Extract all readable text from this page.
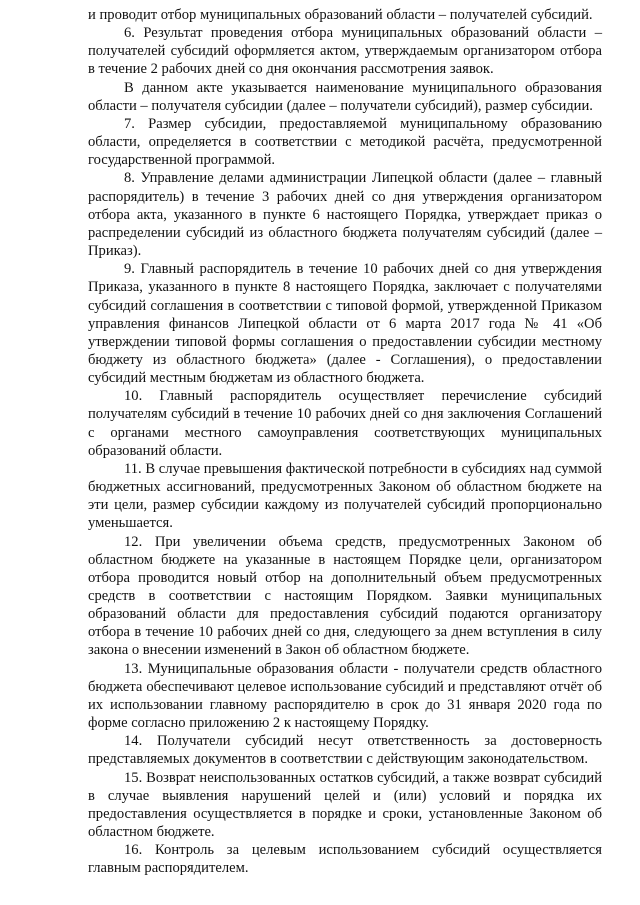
и проводит отбор муниципальных образований области – получателей субсидий.

6. Результат проведения отбора муниципальных образований области – получателей субсидий оформляется актом, утверждаемым организатором отбора в течение 2 рабочих дней со дня окончания рассмотрения заявок.

В данном акте указывается наименование муниципального образования области – получателя субсидии (далее – получатели субсидий), размер субсидии.

7. Размер субсидии, предоставляемой муниципальному образованию области, определяется в соответствии с методикой расчёта, предусмотренной государственной программой.

8. Управление делами администрации Липецкой области (далее – главный распорядитель) в течение 3 рабочих дней со дня утверждения организатором отбора акта, указанного в пункте 6 настоящего Порядка, утверждает приказ о распределении субсидий из областного бюджета получателям субсидий (далее – Приказ).

9. Главный распорядитель в течение 10 рабочих дней со дня утверждения Приказа, указанного в пункте 8 настоящего Порядка, заключает с получателями субсидий соглашения в соответствии с типовой формой, утвержденной Приказом управления финансов Липецкой области от 6 марта 2017 года № 41 «Об утверждении типовой формы соглашения о предоставлении субсидии местному бюджету из областного бюджета» (далее - Соглашения), о предоставлении субсидий местным бюджетам из областного бюджета.

10. Главный распорядитель осуществляет перечисление субсидий получателям субсидий в течение 10 рабочих дней со дня заключения Соглашений с органами местного самоуправления соответствующих муниципальных образований области.

11. В случае превышения фактической потребности в субсидиях над суммой бюджетных ассигнований, предусмотренных Законом об областном бюджете на эти цели, размер субсидии каждому из получателей субсидий пропорционально уменьшается.

12. При увеличении объема средств, предусмотренных Законом об областном бюджете на указанные в настоящем Порядке цели, организатором отбора проводится новый отбор на дополнительный объем предусмотренных средств в соответствии с настоящим Порядком. Заявки муниципальных образований области для предоставления субсидий подаются организатору отбора в течение 10 рабочих дней со дня, следующего за днем вступления в силу закона о внесении изменений в Закон об областном бюджете.

13. Муниципальные образования области - получатели средств областного бюджета обеспечивают целевое использование субсидий и представляют отчёт об их использовании главному распорядителю в срок до 31 января 2020 года по форме согласно приложению 2 к настоящему Порядку.

14. Получатели субсидий несут ответственность за достоверность представляемых документов в соответствии с действующим законодательством.

15. Возврат неиспользованных остатков субсидий, а также возврат субсидий в случае выявления нарушений целей и (или) условий и порядка их предоставления осуществляется в порядке и сроки, установленные Законом об областном бюджете.

16. Контроль за целевым использованием субсидий осуществляется главным распорядителем.
